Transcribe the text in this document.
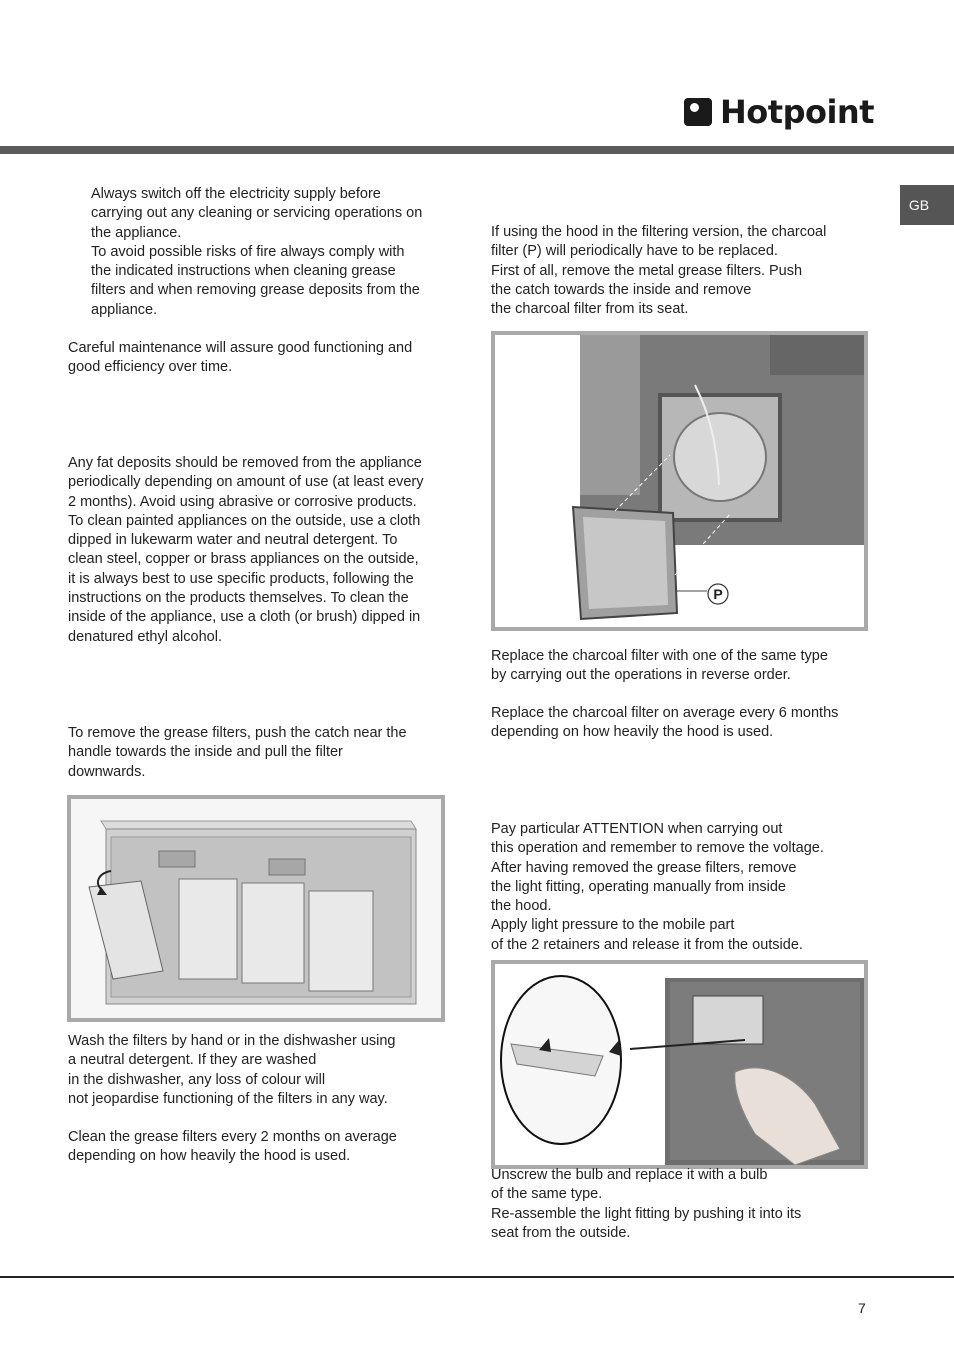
Hotpoint
GB

Always switch off the electricity supply before
carrying out any cleaning or servicing operations on
the appliance.
To avoid possible risks of fire always comply with
the indicated instructions when cleaning grease
filters and when removing grease deposits from the
appliance.

Careful maintenance will assure good functioning and
good efficiency over time.

Any fat deposits should be removed from the appliance
periodically depending on amount of use (at least every
2 months). Avoid using abrasive or corrosive products.
To clean painted appliances on the outside, use a cloth
dipped in lukewarm water and neutral detergent. To
clean steel, copper or brass appliances on the outside,
it is always best to use specific products, following the
instructions on the products themselves. To clean the
inside of the appliance, use a cloth (or brush) dipped in
denatured ethyl alcohol.

To remove the grease filters, push the catch near the
handle towards the inside and pull the filter
downwards.

Wash the filters by hand or in the dishwasher using
a neutral detergent. If they are washed
in the dishwasher, any loss of colour will
not jeopardise functioning of the filters in any way.

Clean the grease filters every 2 months on average
depending on how heavily the hood is used.

If using the hood in the filtering version, the charcoal
filter (P) will periodically have to be replaced.
First of all, remove the metal grease filters. Push
the catch towards the inside and remove
the charcoal filter from its seat.

P

Replace the charcoal filter with one of the same type
by carrying out the operations in reverse order.

Replace the charcoal filter on average every 6 months
depending on how heavily the hood is used.

Pay particular ATTENTION when carrying out
this operation and remember to remove the voltage.
After having removed the grease filters, remove
the light fitting, operating manually from inside
the hood.
Apply light pressure to the mobile part
of the 2 retainers and release it from the outside.

Unscrew the bulb and replace it with a bulb
of the same type.
Re-assemble the light fitting by pushing it into its
seat from the outside.

7
